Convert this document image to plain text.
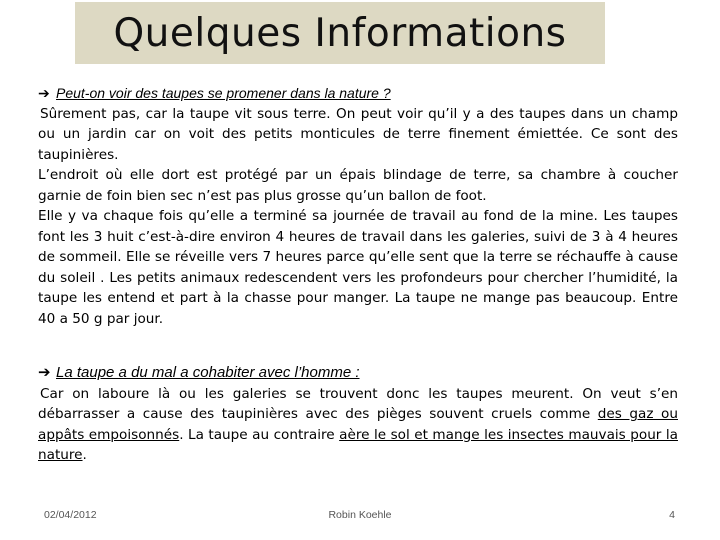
Quelques Informations
➔ Peut-on voir des taupes se promener dans la nature ?

Sûrement pas, car la taupe vit sous terre. On peut voir qu’il y a des taupes dans un champ ou un jardin car on voit des petits monticules de terre finement émiettée. Ce sont des taupinières.

L’endroit où elle dort est protégé par un épais blindage de terre, sa chambre à coucher garnie de foin bien sec n’est pas plus grosse qu’un ballon de foot.

Elle y va chaque fois qu’elle a terminé sa journée de travail au fond de la mine. Les taupes font les 3 huit c’est-à-dire environ 4 heures de travail dans les galeries, suivi de 3 à 4 heures de sommeil. Elle se réveille vers 7 heures parce qu’elle sent que la terre se réchauffe à cause du soleil . Les petits animaux redescendent vers les profondeurs pour chercher l’humidité, la taupe les entend et part à la chasse pour manger. La taupe ne mange pas beaucoup. Entre 40 a 50 g par jour.

➔ La taupe a du mal a cohabiter avec l’homme :

Car on laboure là ou les galeries se trouvent donc les taupes meurent. On veut s’en débarrasser a cause des taupinières avec des pièges souvent cruels comme des gaz ou appâts empoisonnés. La taupe au contraire aère le sol et mange les insectes mauvais pour la nature.

02/04/2012	Robin Koehle	4
